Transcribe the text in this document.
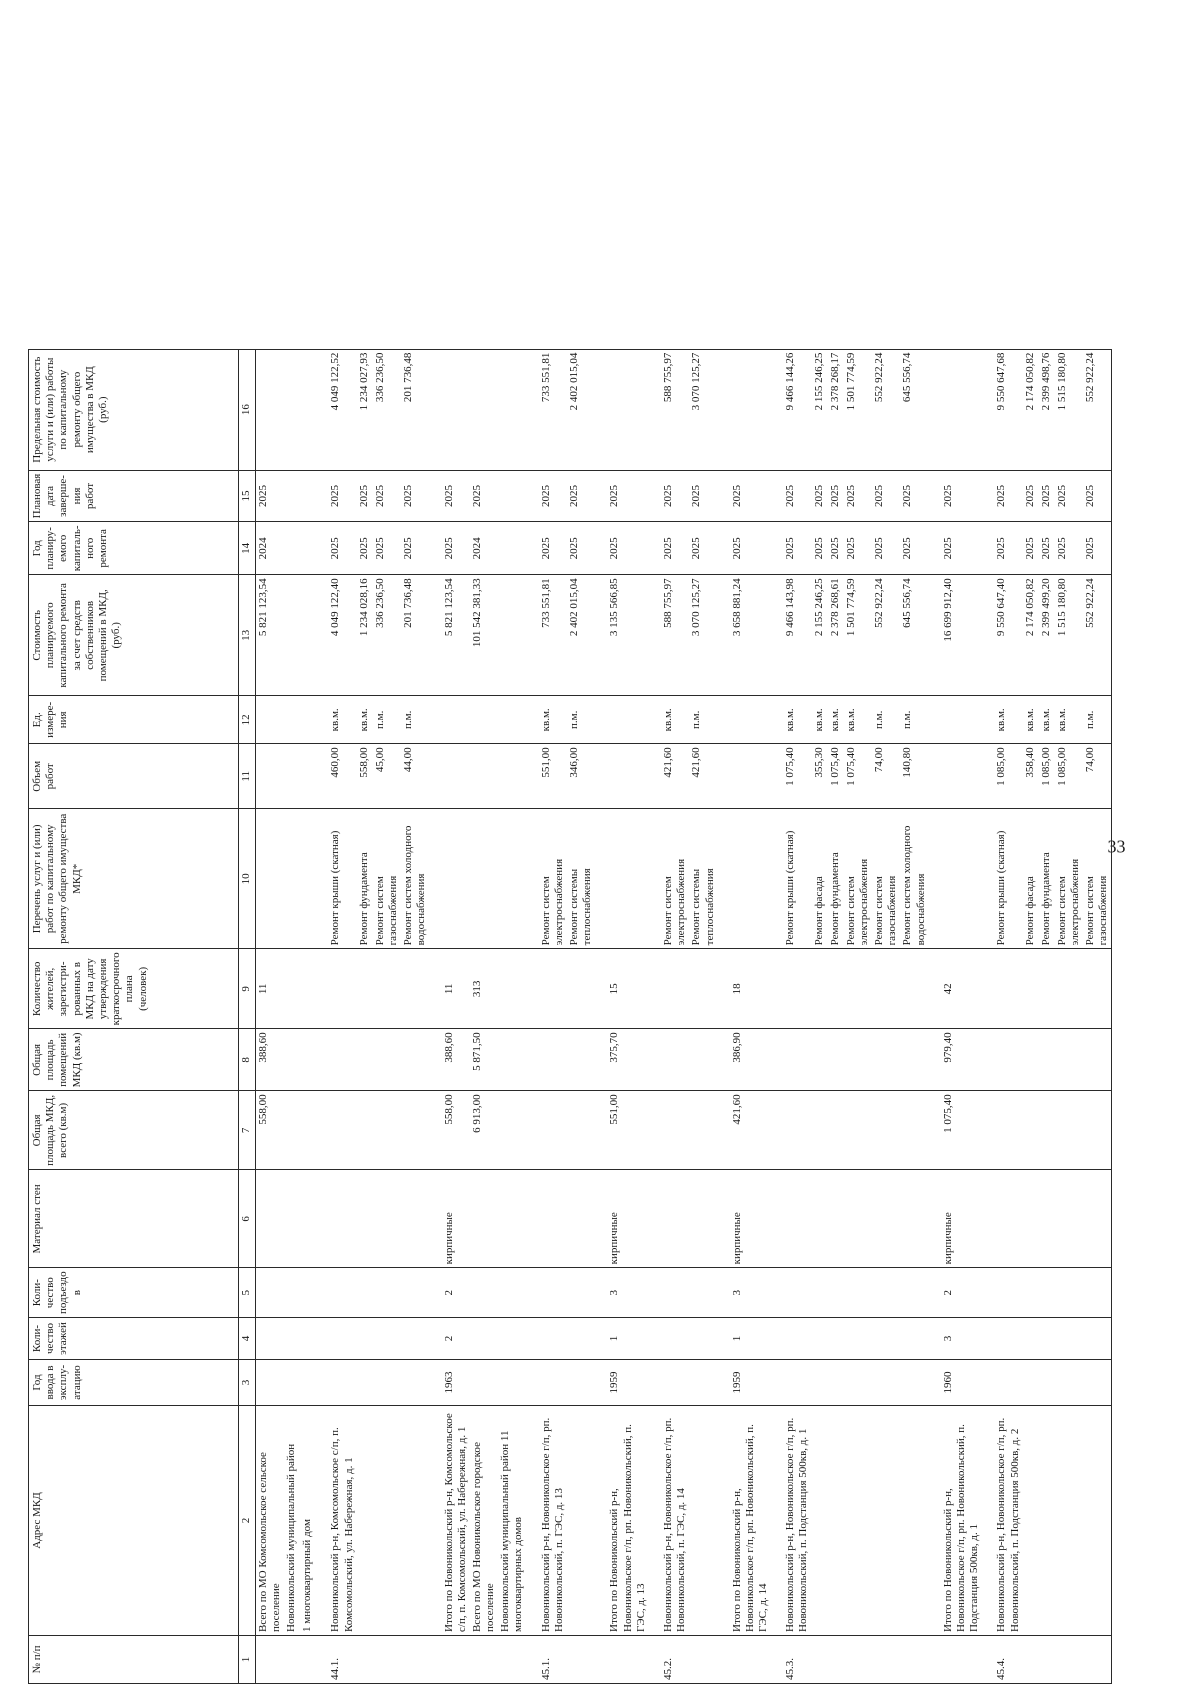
33
№ п/п	Адрес МКД	Год ввода в эксплу-атацию	Коли-чество этажей	Коли-чество подъездо в	Материал стен	Общая площадь МКД, всего (кв.м)	Общая площадь помещений МКД (кв.м)	Количество жителей, зарегистри-рованных в МКД на дату утверждения краткосрочного плана (человек)	Перечень услуг и (или) работ по капитальному ремонту общего имущества МКД*	Объем работ	Ед. измере-ния	Стоимость планируемого капитального ремонта за счет средств собственников помещений в МКД, (руб.)	Год планиру-емого капиталь-ного ремонта	Плановая дата заверше-ния работ	Предельная стоимость услуги и (или) работы по капитальному ремонту общего имущества в МКД (руб.)
1	2	3	4	5	6	7	8	9	10	11	12	13	14	15	16
	Всего по МО Комсомольское сельское поселение					558,00	388,60	11				5 821 123,54	2024	2025	
	Новоникольский муниципальный район														
	1 многоквартирный дом														

44.1.	Новоникольский р-н, Комсомольское с/п, п. Комсомольский, ул. Набережная, д. 1								Ремонт крыши (скатная)	460,00	кв.м.	4 049 122,40	2025	2025	4 049 122,52
									Ремонт фундамента	558,00	кв.м.	1 234 028,16	2025	2025	1 234 027,93
									Ремонт систем газоснабжения	45,00	п.м.	336 236,50	2025	2025	336 236,50
									Ремонт систем холодного водоснабжения	44,00	п.м.	201 736,48	2025	2025	201 736,48

	Итого по Новоникольский р-н, Комсомольское с/п, п. Комсомольский, ул. Набережная, д. 1	1963	2	2	кирпичные	558,00	388,60	11				5 821 123,54	2025	2025	
	Всего по МО Новоникольское городское поселение					6 913,00	5 871,50	313				101 542 381,33	2024	2025	
	Новоникольский муниципальный район 11 многоквартирных домов														

45.1.	Новоникольский р-н, Новоникольское г/п, рп. Новоникольский, п. ГЭС, д. 13								Ремонт систем электроснабжения	551,00	кв.м.	733 551,81	2025	2025	733 551,81
									Ремонт системы теплоснабжения	346,00	п.м.	2 402 015,04	2025	2025	2 402 015,04

	Итого по Новоникольский р-н, Новоникольское г/п, рп. Новоникольский, п. ГЭС, д. 13	1959	1	3	кирпичные	551,00	375,70	15				3 135 566,85	2025	2025	

45.2.	Новоникольский р-н, Новоникольское г/п, рп. Новоникольский, п. ГЭС, д. 14								Ремонт систем электроснабжения	421,60	кв.м.	588 755,97	2025	2025	588 755,97
									Ремонт системы теплоснабжения	421,60	п.м.	3 070 125,27	2025	2025	3 070 125,27

	Итого по Новоникольский р-н, Новоникольское г/п, рп. Новоникольский, п. ГЭС, д. 14	1959	1	3	кирпичные	421,60	386,90	18				3 658 881,24	2025	2025	

45.3.	Новоникольский р-н, Новоникольское г/п, рп. Новоникольский, п. Подстанция 500кв, д. 1								Ремонт крыши (скатная)	1 075,40	кв.м.	9 466 143,98	2025	2025	9 466 144,26
									Ремонт фасада	355,30	кв.м.	2 155 246,25	2025	2025	2 155 246,25
									Ремонт фундамента	1 075,40	кв.м.	2 378 268,61	2025	2025	2 378 268,17
									Ремонт систем электроснабжения	1 075,40	кв.м.	1 501 774,59	2025	2025	1 501 774,59
									Ремонт систем газоснабжения	74,00	п.м.	552 922,24	2025	2025	552 922,24
									Ремонт систем холодного водоснабжения	140,80	п.м.	645 556,74	2025	2025	645 556,74

	Итого по Новоникольский р-н, Новоникольское г/п, рп. Новоникольский, п. Подстанция 500кв, д. 1	1960	3	2	кирпичные	1 075,40	979,40	42				16 699 912,40	2025	2025	

45.4.	Новоникольский р-н, Новоникольское г/п, рп. Новоникольский, п. Подстанция 500кв, д. 2								Ремонт крыши (скатная)	1 085,00	кв.м.	9 550 647,40	2025	2025	9 550 647,68
									Ремонт фасада	358,40	кв.м.	2 174 050,82	2025	2025	2 174 050,82
									Ремонт фундамента	1 085,00	кв.м.	2 399 499,20	2025	2025	2 399 498,76
									Ремонт систем электроснабжения	1 085,00	кв.м.	1 515 180,80	2025	2025	1 515 180,80
									Ремонт систем газоснабжения	74,00	п.м.	552 922,24	2025	2025	552 922,24
